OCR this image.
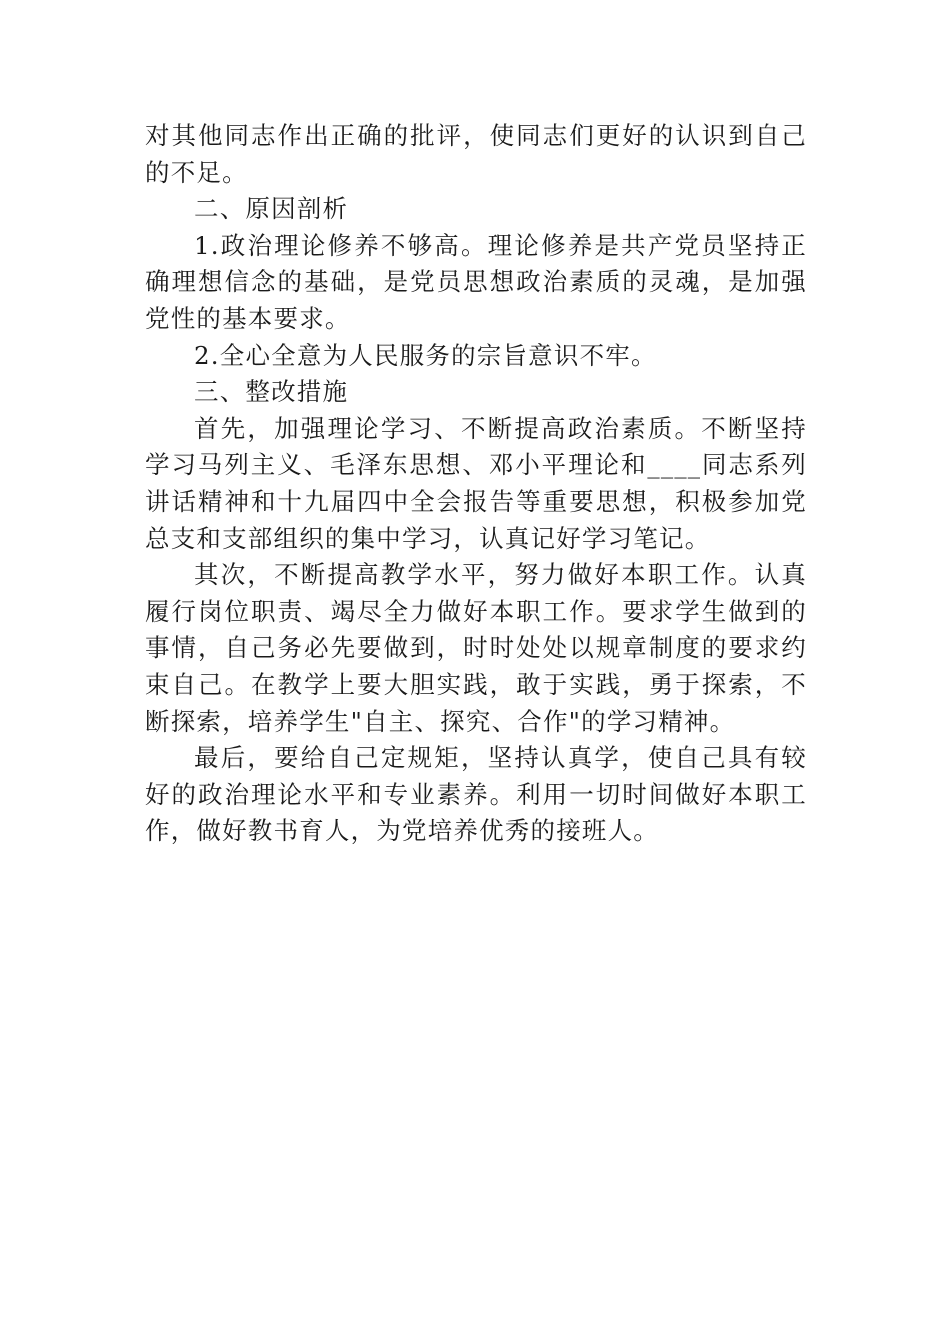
对其他同志作出正确的批评，使同志们更好的认识到自己的不足。

二、原因剖析

1.政治理论修养不够高。理论修养是共产党员坚持正确理想信念的基础，是党员思想政治素质的灵魂，是加强党性的基本要求。

2.全心全意为人民服务的宗旨意识不牢。

三、整改措施

首先，加强理论学习、不断提高政治素质。不断坚持学习马列主义、毛泽东思想、邓小平理论和____同志系列讲话精神和十九届四中全会报告等重要思想，积极参加党总支和支部组织的集中学习，认真记好学习笔记。

其次，不断提高教学水平，努力做好本职工作。认真履行岗位职责、竭尽全力做好本职工作。要求学生做到的事情，自己务必先要做到，时时处处以规章制度的要求约束自己。在教学上要大胆实践，敢于实践，勇于探索，不断探索，培养学生"自主、探究、合作"的学习精神。

最后，要给自己定规矩，坚持认真学，使自己具有较好的政治理论水平和专业素养。利用一切时间做好本职工作，做好教书育人，为党培养优秀的接班人。
